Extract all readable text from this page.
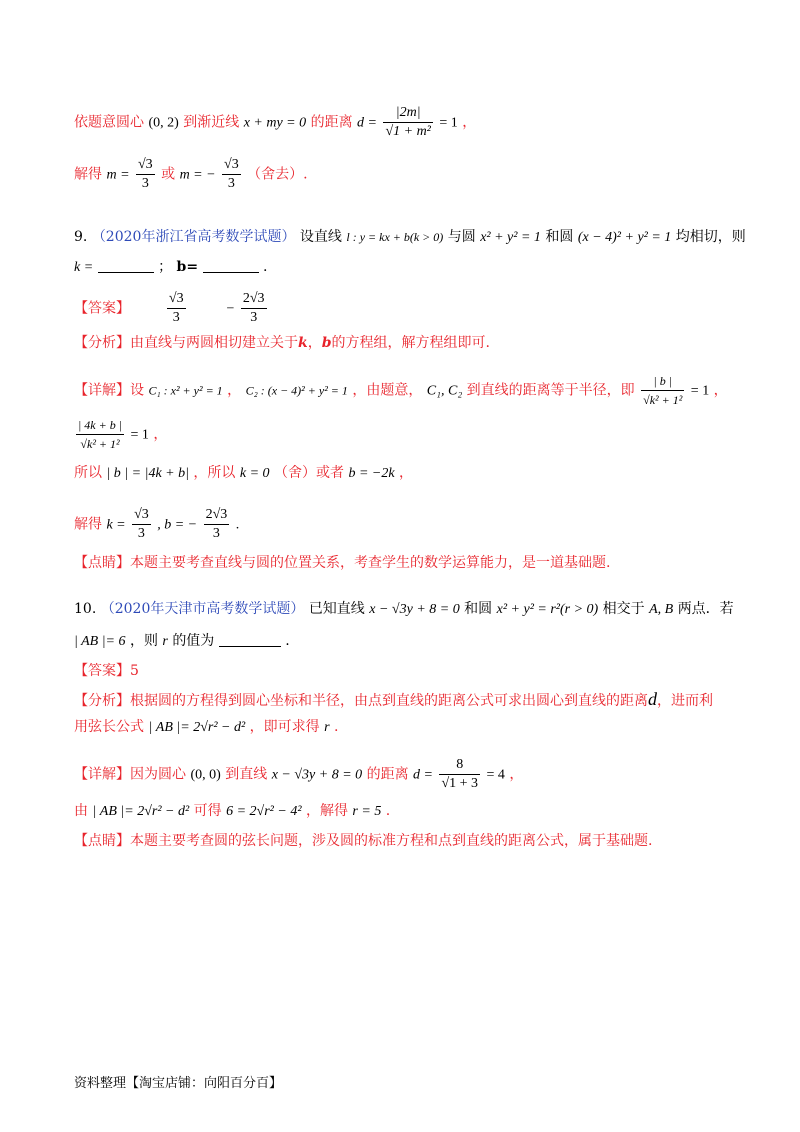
依题意圆心 (0, 2) 到渐近线 x + my = 0 的距离 $d = \frac{|2m|}{\text{√1 + m²}} = 1$ ，
解得 $m = \frac{√3}{3}$ 或 m = − $\frac{√3}{3}$ （舍去）.
9. （2020年浙江省高考数学试题） 设直线 l : y = kx + b(k > 0) 与圆 x² + y² = 1 和圆 (x − 4)² + y² = 1 均相切，则
k =	； b=	.
【答案】	$\frac{√3}{3}$	− $\frac{2√3}{3}$
【分析】由直线与两圆相切建立关于k，b的方程组，解方程组即可.
【详解】设 C₁ : x² + y² = 1 ， C₂ : (x − 4)² + y² = 1 ，由题意， C₁, C₂ 到直线的距离等于半径，即 $\frac{| b |}{\text{√k² + 1²}} = 1$ ，
$\frac{| 4k + b |}{\text{√k² + 1²}} = 1$ ，
所以 | b | = |4k + b| ，所以 k = 0 （舍）或者 b = −2k ，
解得 $k = \frac{√3}{3}$ , b = − $\frac{2√3}{3}$ .
【点睛】本题主要考查直线与圆的位置关系，考查学生的数学运算能力，是一道基础题.
10. （2020年天津市高考数学试题） 已知直线 x − √3y + 8 = 0 和圆 x² + y² = r²(r > 0) 相交于 A, B 两点．若
| AB |= 6 ，则 r 的值为	.
【答案】5
【分析】根据圆的方程得到圆心坐标和半径，由点到直线的距离公式可求出圆心到直线的距离d，进而利
用弦长公式 | AB |= 2√r² − d² ，即可求得 r .
【详解】因为圆心 (0, 0) 到直线 x − √3y + 8 = 0 的距离 $d = \frac{8}{√1 + 3} = 4$ ，
由 | AB |= 2√r² − d² 可得 6 = 2√r² − 4² ，解得 r = 5 .
【点睛】本题主要考查圆的弦长问题，涉及圆的标准方程和点到直线的距离公式，属于基础题.
资料整理【淘宝店铺：向阳百分百】
